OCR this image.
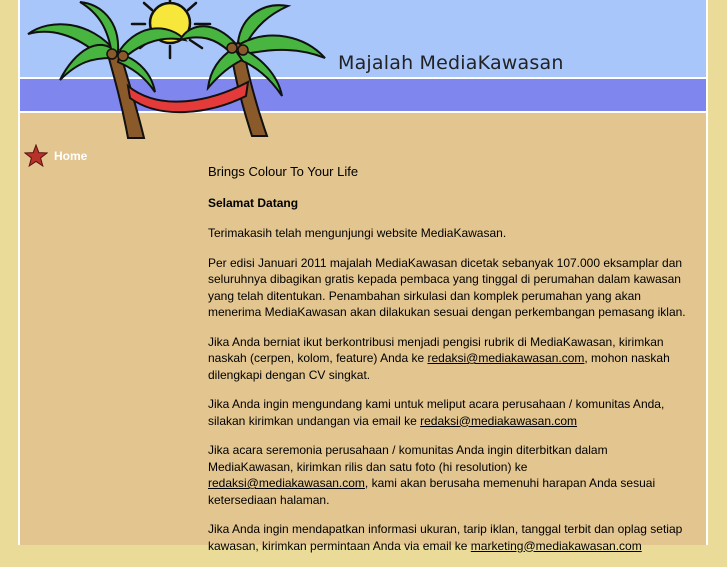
Majalah MediaKawasan
Home
Brings Colour To Your Life
Selamat Datang

Terimakasih telah mengunjungi website MediaKawasan.

Per edisi Januari 2011 majalah MediaKawasan dicetak sebanyak 107.000 eksamplar dan seluruhnya dibagikan gratis kepada pembaca yang tinggal di perumahan dalam kawasan yang telah ditentukan. Penambahan sirkulasi dan komplek perumahan yang akan menerima MediaKawasan akan dilakukan sesuai dengan perkembangan pemasang iklan.

Jika Anda berniat ikut berkontribusi menjadi pengisi rubrik di MediaKawasan, kirimkan naskah (cerpen, kolom, feature) Anda ke redaksi@mediakawasan.com, mohon naskah dilengkapi dengan CV singkat.

Jika Anda ingin mengundang kami untuk meliput acara perusahaan / komunitas Anda, silakan kirimkan undangan via email ke redaksi@mediakawasan.com

Jika acara seremonia perusahaan / komunitas Anda ingin diterbitkan dalam MediaKawasan, kirimkan rilis dan satu foto (hi resolution) ke redaksi@mediakawasan.com, kami akan berusaha memenuhi harapan Anda sesuai ketersediaan halaman.

Jika Anda ingin mendapatkan informasi ukuran, tarip iklan, tanggal terbit dan oplag setiap kawasan, kirimkan permintaan Anda via email ke marketing@mediakawasan.com
